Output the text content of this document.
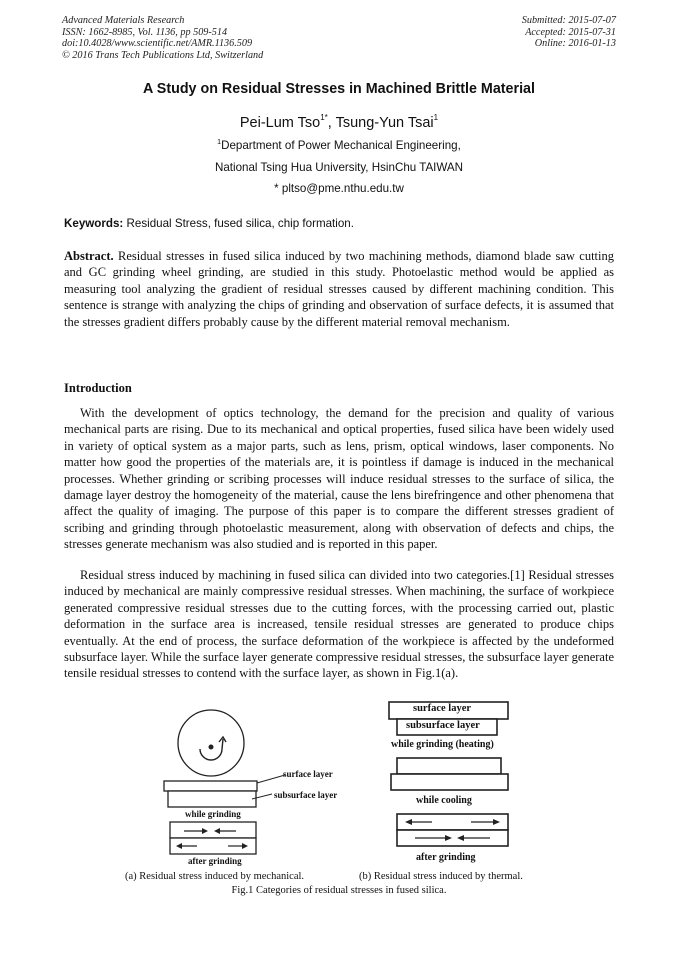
Advanced Materials Research
ISSN: 1662-8985, Vol. 1136, pp 509-514
doi:10.4028/www.scientific.net/AMR.1136.509
© 2016 Trans Tech Publications Ltd, Switzerland
Submitted: 2015-07-07
Accepted: 2015-07-31
Online: 2016-01-13
A Study on Residual Stresses in Machined Brittle Material
Pei-Lum Tso$^{1*}$, Tsung-Yun Tsai$^1$
$^1$Department of Power Mechanical Engineering,
National Tsing Hua University, HsinChu TAIWAN
* pltso@pme.nthu.edu.tw
Keywords: Residual Stress, fused silica, chip formation.
Abstract. Residual stresses in fused silica induced by two machining methods, diamond blade saw cutting and GC grinding wheel grinding, are studied in this study. Photoelastic method would be applied as measuring tool analyzing the gradient of residual stresses caused by different machining condition. This sentence is strange with analyzing the chips of grinding and observation of surface defects, it is assumed that the stresses gradient differs probably cause by the different material removal mechanism.
Introduction
With the development of optics technology, the demand for the precision and quality of various mechanical parts are rising. Due to its mechanical and optical properties, fused silica have been widely used in variety of optical system as a major parts, such as lens, prism, optical windows, laser components. No matter how good the properties of the materials are, it is pointless if damage is induced in the mechanical processes. Whether grinding or scribing processes will induce residual stresses to the surface of silica, the damage layer destroy the homogeneity of the material, cause the lens birefringence and other phenomena that affect the quality of imaging. The purpose of this paper is to compare the different stresses gradient of scribing and grinding through photoelastic measurement, along with observation of defects and chips, the stresses generate mechanism was also studied and is reported in this paper.
Residual stress induced by machining in fused silica can divided into two categories.[1] Residual stresses induced by mechanical are mainly compressive residual stresses. When machining, the surface of workpiece generated compressive residual stresses due to the cutting forces, with the processing carried out, plastic deformation in the surface area is increased, tensile residual stresses are generated to produce chips eventually. At the end of process, the surface deformation of the workpiece is affected by the undeformed subsurface layer. While the surface layer generate compressive residual stresses, the subsurface layer generate tensile residual stresses to contend with the surface layer, as shown in Fig.1(a).
surface layer
subsurface layer
while grinding
after grinding
surface layer
subsurface layer
while grinding (heating)
while cooling
after grinding
(a) Residual stress induced by mechanical.	(b) Residual stress induced by thermal.
Fig.1 Categories of residual stresses in fused silica.
